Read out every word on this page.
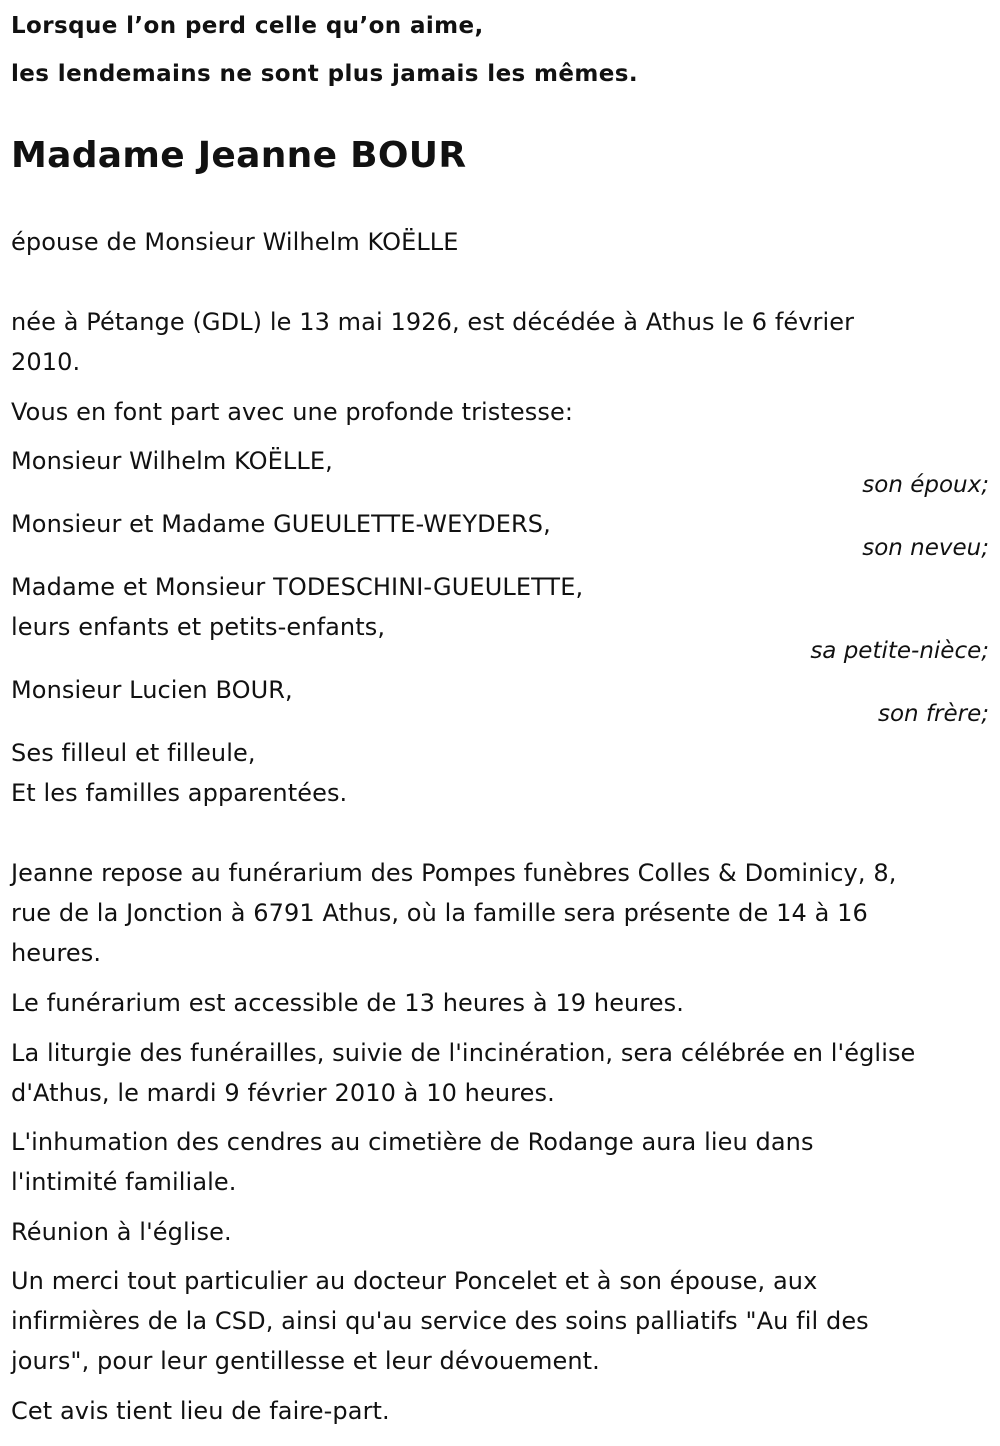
Lorsque l’on perd celle qu’on aime,
les lendemains ne sont plus jamais les mêmes.
Madame Jeanne BOUR
épouse de Monsieur Wilhelm KOËLLE
née à Pétange (GDL) le 13 mai 1926, est décédée à Athus le 6 février
2010.
Vous en font part avec une profonde tristesse:
Monsieur Wilhelm KOËLLE,
son époux;
Monsieur et Madame GUEULETTE-WEYDERS,
son neveu;
Madame et Monsieur TODESCHINI-GUEULETTE,
leurs enfants et petits-enfants,
sa petite-nièce;
Monsieur Lucien BOUR,
son frère;
Ses filleul et filleule,
Et les familles apparentées.
Jeanne repose au funérarium des Pompes funèbres Colles & Dominicy, 8,
rue de la Jonction à 6791 Athus, où la famille sera présente de 14 à 16
heures.
Le funérarium est accessible de 13 heures à 19 heures.
La liturgie des funérailles, suivie de l'incinération, sera célébrée en l'église
d'Athus, le mardi 9 février 2010 à 10 heures.
L'inhumation des cendres au cimetière de Rodange aura lieu dans
l'intimité familiale.
Réunion à l'église.
Un merci tout particulier au docteur Poncelet et à son épouse, aux
infirmières de la CSD, ainsi qu'au service des soins palliatifs "Au fil des
jours", pour leur gentillesse et leur dévouement.
Cet avis tient lieu de faire-part.
